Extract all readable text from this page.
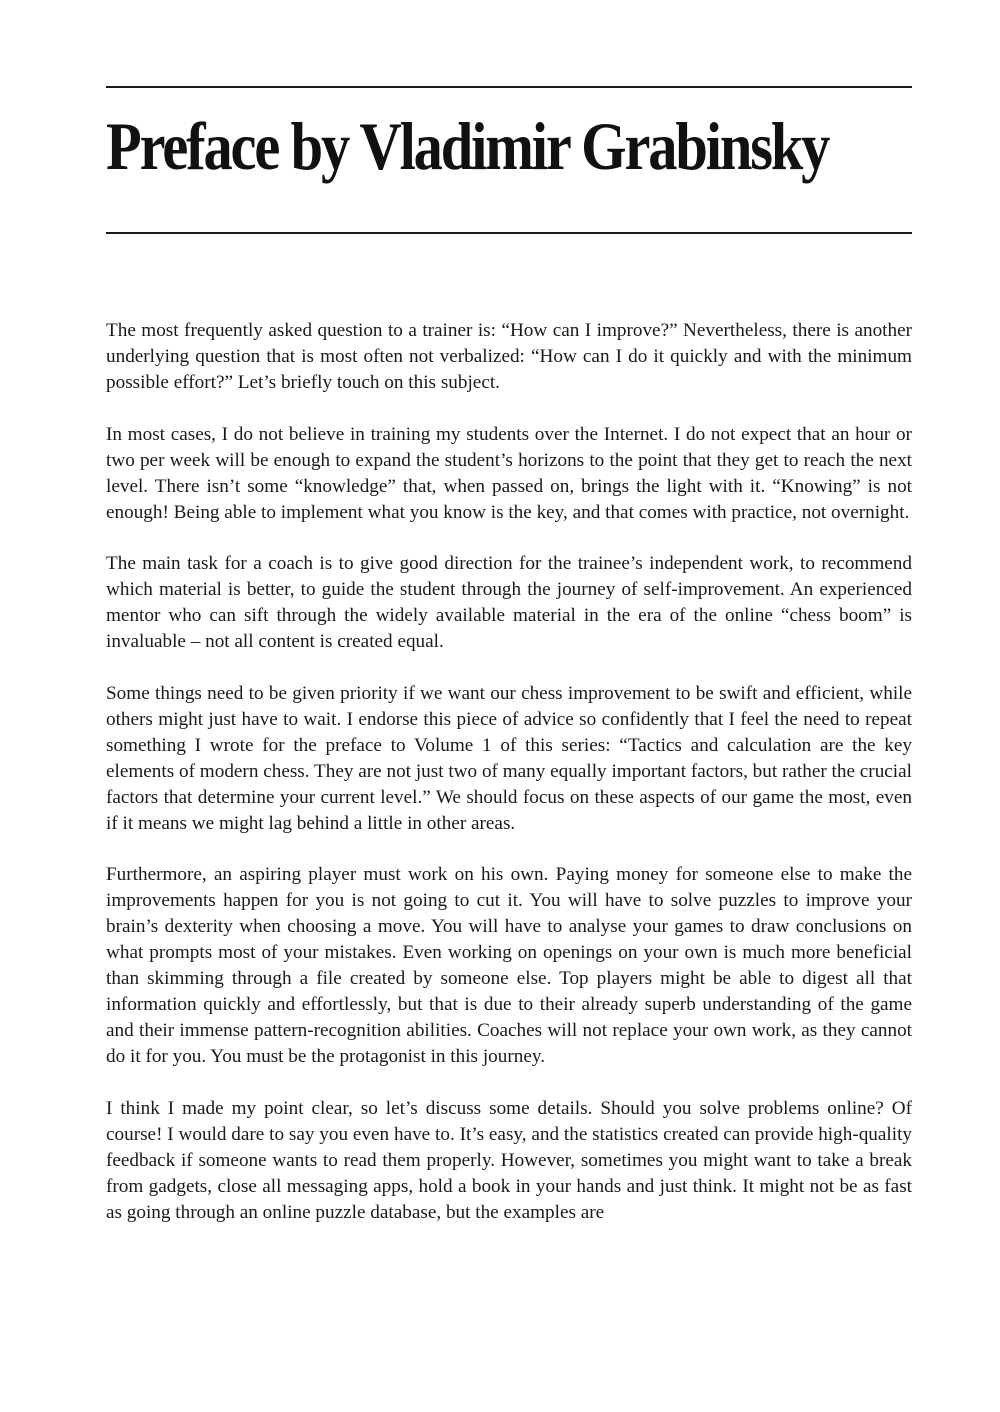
Preface by Vladimir Grabinsky

The most frequently asked question to a trainer is: “How can I improve?” Nevertheless, there is another underlying question that is most often not verbalized: “How can I do it quickly and with the minimum possible effort?” Let’s briefly touch on this subject.

In most cases, I do not believe in training my students over the Internet. I do not expect that an hour or two per week will be enough to expand the student’s horizons to the point that they get to reach the next level. There isn’t some “knowledge” that, when passed on, brings the light with it. “Knowing” is not enough! Being able to implement what you know is the key, and that comes with practice, not overnight.

The main task for a coach is to give good direction for the trainee’s independent work, to recommend which material is better, to guide the student through the journey of self-improvement. An experienced mentor who can sift through the widely available material in the era of the online “chess boom” is invaluable – not all content is created equal.

Some things need to be given priority if we want our chess improvement to be swift and efficient, while others might just have to wait. I endorse this piece of advice so confidently that I feel the need to repeat something I wrote for the preface to Volume 1 of this series: “Tactics and calculation are the key elements of modern chess. They are not just two of many equally important factors, but rather the crucial factors that determine your current level.” We should focus on these aspects of our game the most, even if it means we might lag behind a little in other areas.

Furthermore, an aspiring player must work on his own. Paying money for someone else to make the improvements happen for you is not going to cut it. You will have to solve puzzles to improve your brain’s dexterity when choosing a move. You will have to analyse your games to draw conclusions on what prompts most of your mistakes. Even working on openings on your own is much more beneficial than skimming through a file created by someone else. Top players might be able to digest all that information quickly and effortlessly, but that is due to their already superb understanding of the game and their immense pattern-recognition abilities. Coaches will not replace your own work, as they cannot do it for you. You must be the protagonist in this journey.

I think I made my point clear, so let’s discuss some details. Should you solve problems online? Of course! I would dare to say you even have to. It’s easy, and the statistics created can provide high-quality feedback if someone wants to read them properly. However, sometimes you might want to take a break from gadgets, close all messaging apps, hold a book in your hands and just think. It might not be as fast as going through an online puzzle database, but the examples are
